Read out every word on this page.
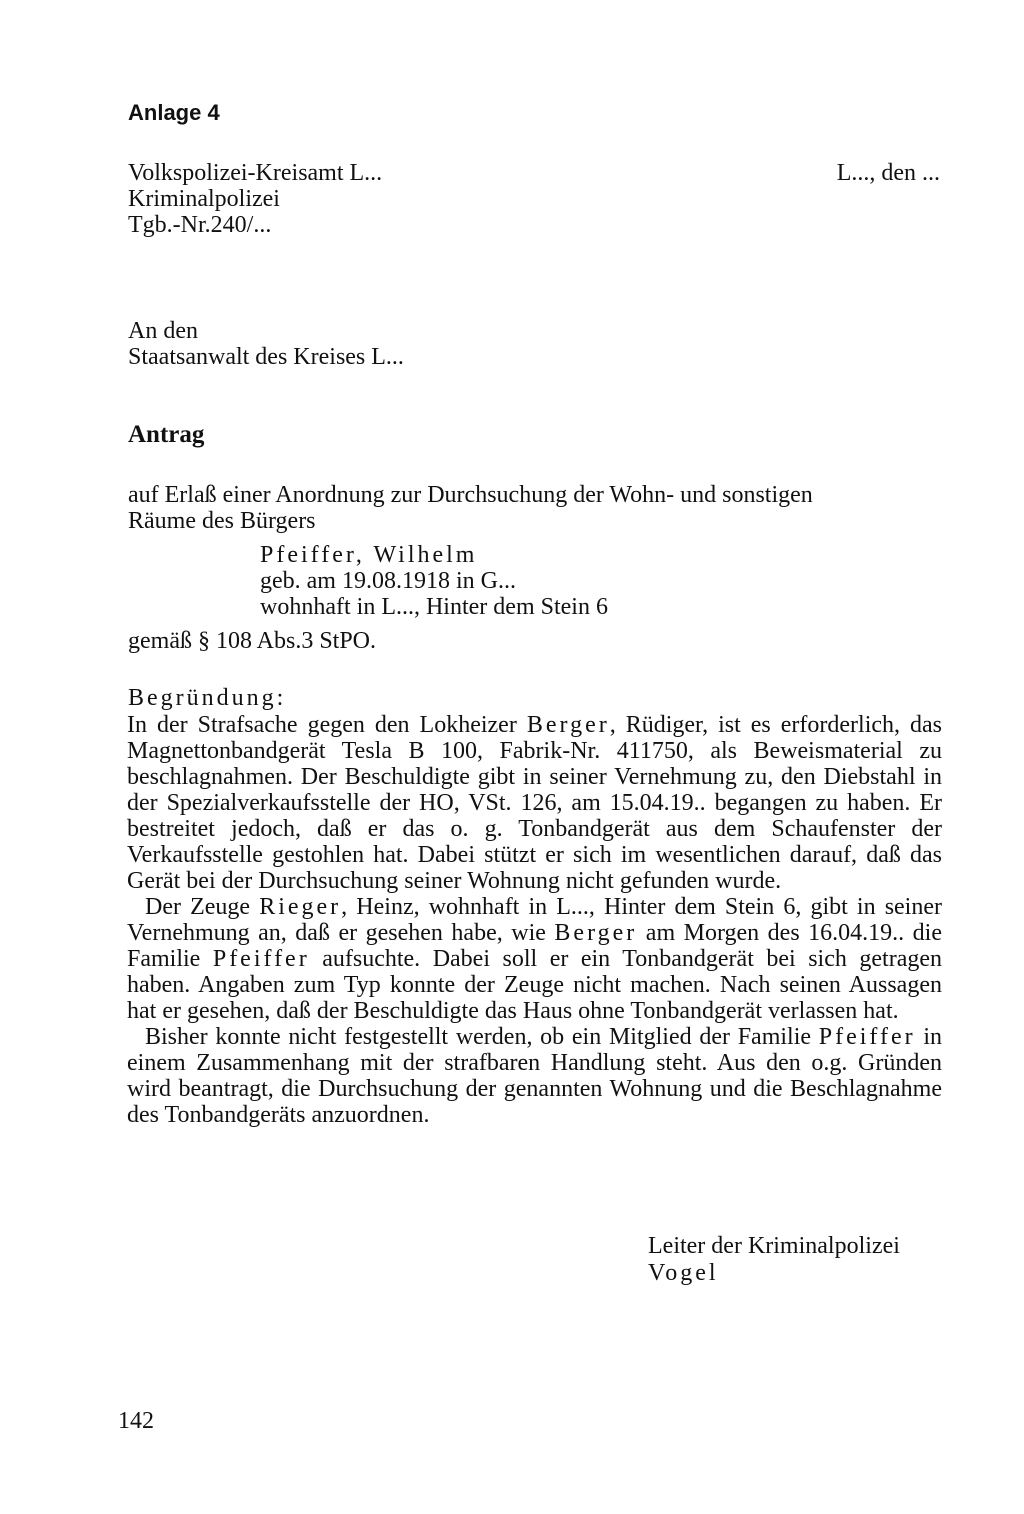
Anlage 4
Volkspolizei-Kreisamt L...
Kriminalpolizei
Tgb.-Nr.240/...
L..., den ...
An den
Staatsanwalt des Kreises L...
Antrag
auf Erlaß einer Anordnung zur Durchsuchung der Wohn- und sonstigen
Räume des Bürgers
Pfeiffer, Wilhelm
geb. am 19.08.1918 in G...
wohnhaft in L..., Hinter dem Stein 6
gemäß § 108 Abs.3 StPO.
Begründung:

In der Strafsache gegen den Lokheizer Berger, Rüdiger, ist es erforderlich, das Magnettonbandgerät Tesla B 100, Fabrik-Nr. 411750, als Beweismaterial zu beschlagnahmen. Der Beschuldigte gibt in seiner Vernehmung zu, den Diebstahl in der Spezialverkaufsstelle der HO, VSt. 126, am 15.04.19.. begangen zu haben. Er bestreitet jedoch, daß er das o. g. Tonbandgerät aus dem Schaufenster der Verkaufsstelle gestohlen hat. Dabei stützt er sich im wesentlichen darauf, daß das Gerät bei der Durchsuchung seiner Wohnung nicht gefunden wurde.

Der Zeuge Rieger, Heinz, wohnhaft in L..., Hinter dem Stein 6, gibt in seiner Vernehmung an, daß er gesehen habe, wie Berger am Morgen des 16.04.19.. die Familie Pfeiffer aufsuchte. Dabei soll er ein Tonbandgerät bei sich getragen haben. Angaben zum Typ konnte der Zeuge nicht machen. Nach seinen Aussagen hat er gesehen, daß der Beschuldigte das Haus ohne Tonbandgerät verlassen hat.

Bisher konnte nicht festgestellt werden, ob ein Mitglied der Familie Pfeiffer in einem Zusammenhang mit der strafbaren Handlung steht. Aus den o.g. Gründen wird beantragt, die Durchsuchung der genannten Wohnung und die Beschlagnahme des Tonbandgeräts anzuordnen.

Leiter der Kriminalpolizei
Vogel
142
